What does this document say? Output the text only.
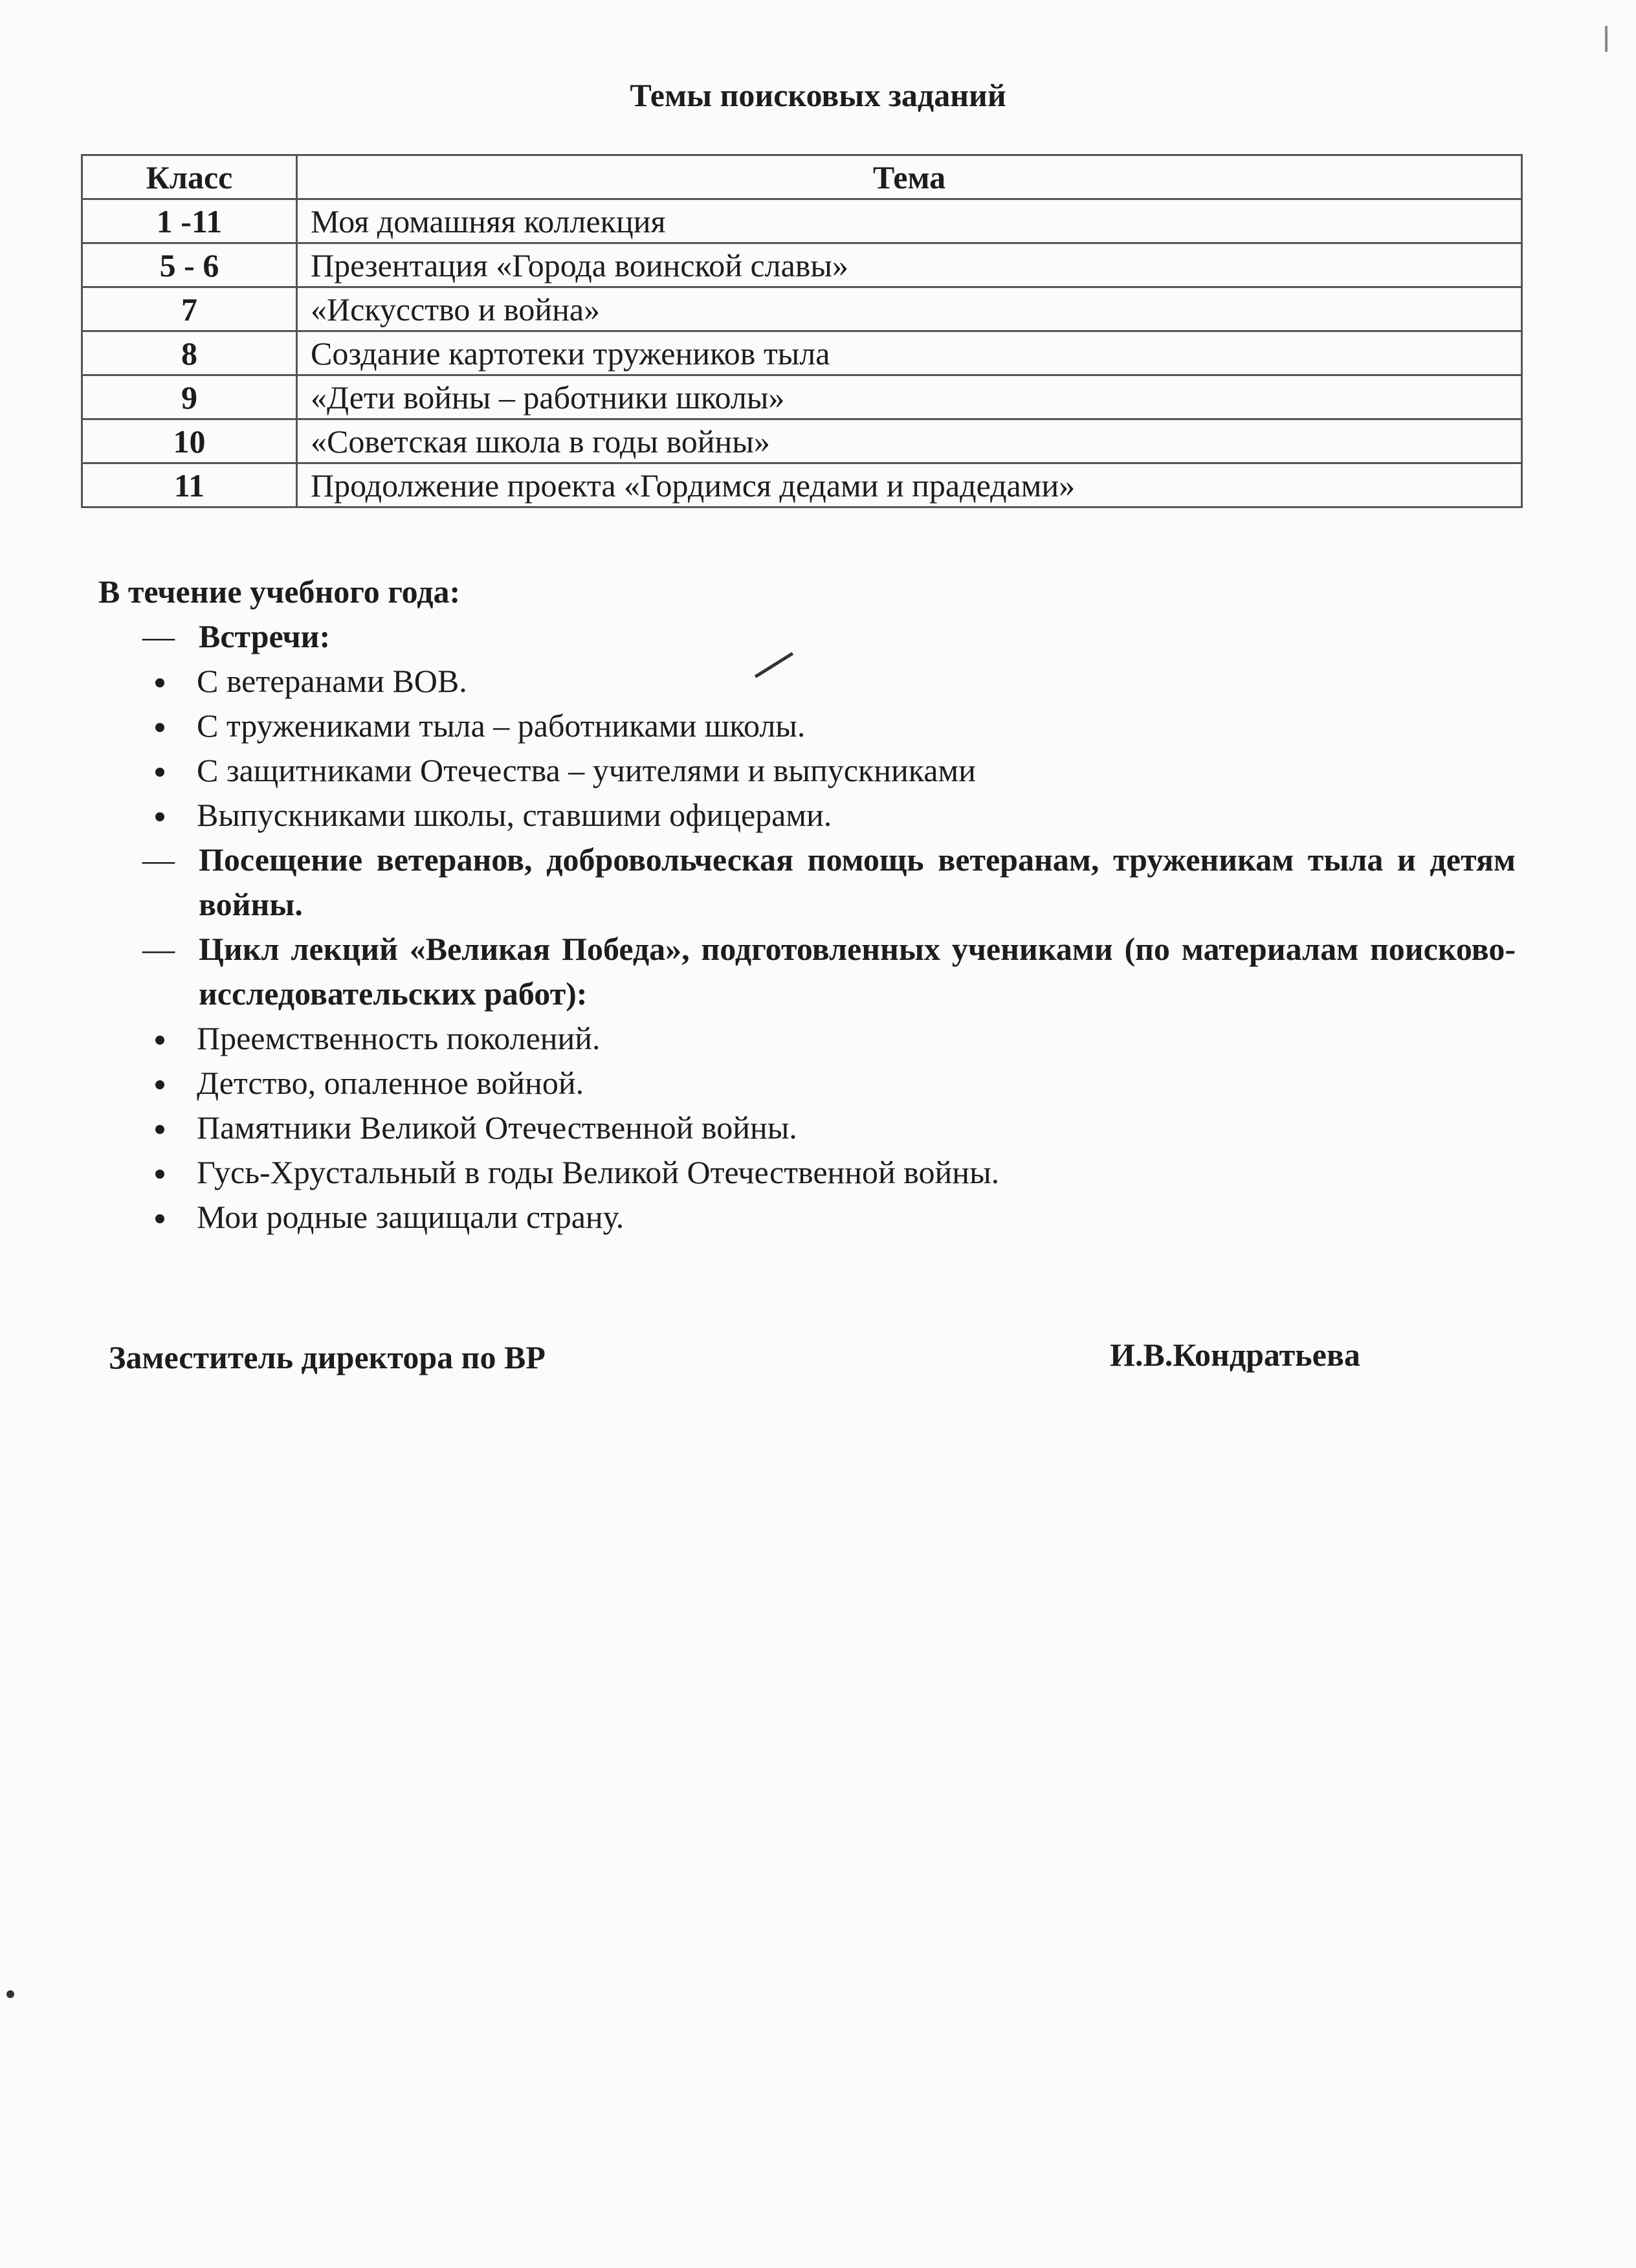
Темы поисковых заданий
Класс	Тема
1 -11	Моя домашняя коллекция
5 - 6	Презентация «Города воинской славы»
7	«Искусство и война»
8	Создание картотеки тружеников тыла
9	«Дети войны – работники школы»
10	«Советская школа в годы войны»
11	Продолжение проекта «Гордимся дедами и прадедами»
В течение учебного года:
— Встречи:
С ветеранами ВОВ.
С тружениками тыла – работниками школы.
С защитниками Отечества – учителями и выпускниками
Выпускниками школы, ставшими офицерами.
— Посещение ветеранов, добровольческая помощь ветеранам, труженикам тыла и детям войны.
— Цикл лекций «Великая Победа», подготовленных учениками (по материалам поисково-исследовательских работ):
Преемственность поколений.
Детство, опаленное войной.
Памятники Великой Отечественной войны.
Гусь-Хрустальный в годы Великой Отечественной войны.
Мои родные защищали страну.
Заместитель директора по ВР	И.В.Кондратьева
